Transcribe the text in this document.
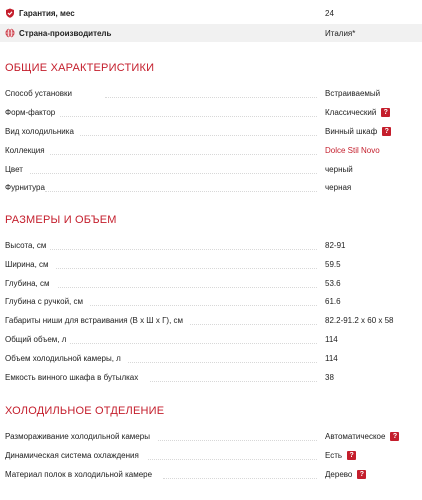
Гарантия, мес	24
Страна-производитель	Италия*
ОБЩИЕ ХАРАКТЕРИСТИКИ
Способ установки	Встраиваемый
Форм-фактор	Классический	?
Вид холодильника	Винный шкаф	?
Коллекция	Dolce Stil Novo
Цвет	черный
Фурнитура	черная
РАЗМЕРЫ И ОБЪЕМ
Высота, см	82-91
Ширина, см	59.5
Глубина, см	53.6
Глубина с ручкой, см	61.6
Габариты ниши для встраивания (В х Ш х Г), см	82.2-91.2 x 60 x 58
Общий объем, л	114
Объем холодильной камеры, л	114
Емкость винного шкафа в бутылках	38
ХОЛОДИЛЬНОЕ ОТДЕЛЕНИЕ
Размораживание холодильной камеры	Автоматическое	?
Динамическая система охлаждения	Есть	?
Материал полок в холодильной камере	Дерево	?
